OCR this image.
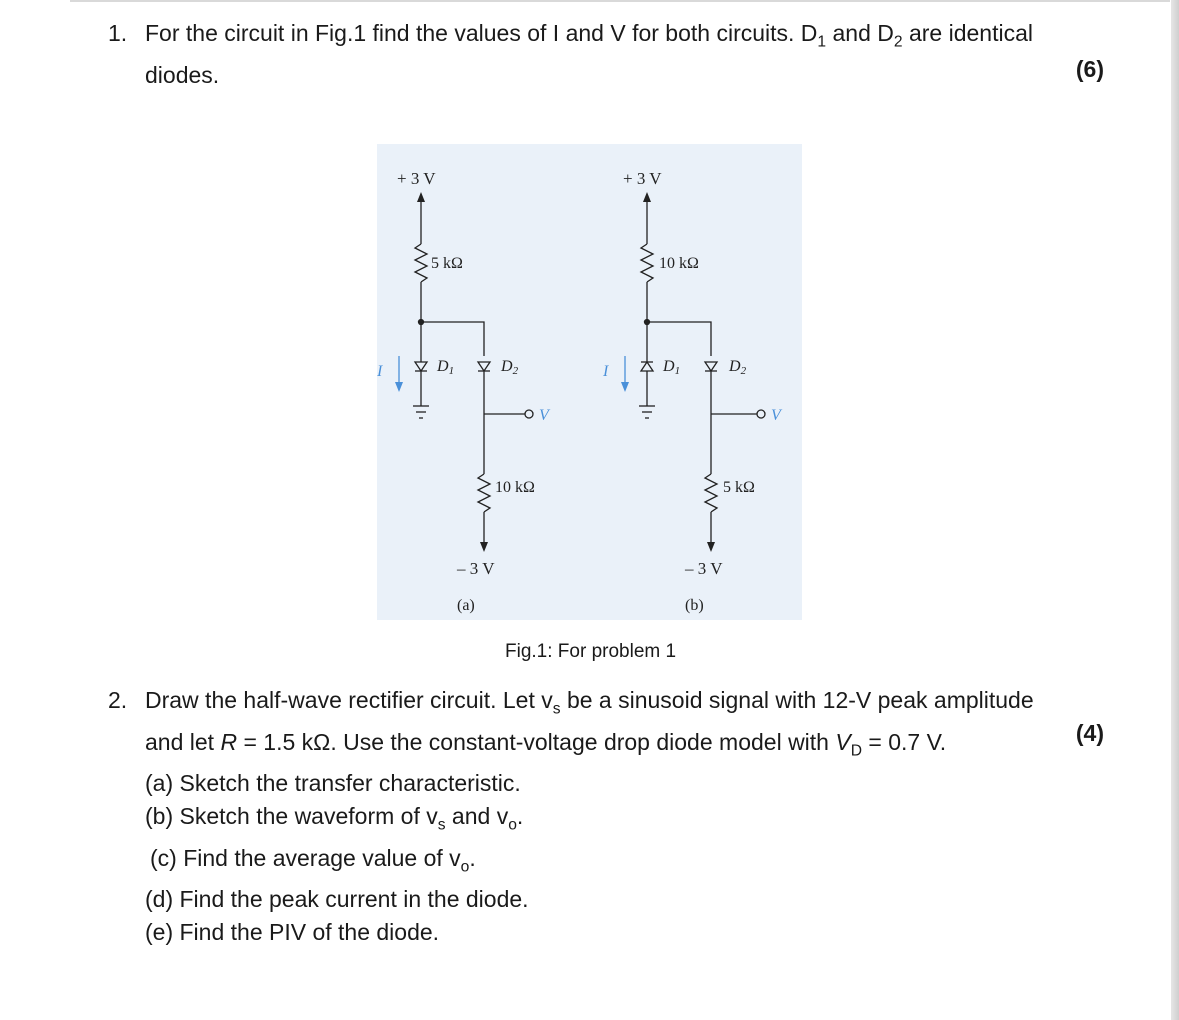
1. For the circuit in Fig.1 find the values of I and V for both circuits. $D_1$ and $D_2$ are identical diodes.	(6)
+ 3 V
5 kΩ
D1
I	D2
V
10 kΩ
– 3 V
(a)
+ 3 V
10 kΩ
D1
I	D2
V
5 kΩ
– 3 V
(b)
Fig.1: For problem 1
2. Draw the half-wave rectifier circuit. Let $v_s$ be a sinusoid signal with 12-V peak amplitude
and let R = 1.5 kΩ. Use the constant-voltage drop diode model with $V_D = 0.7$ V.
(a) Sketch the transfer characteristic.
(b) Sketch the waveform of $v_s$ and $v_o$.
(c) Find the average value of $v_o$.
(d) Find the peak current in the diode.
(e) Find the PIV of the diode.
(4)
